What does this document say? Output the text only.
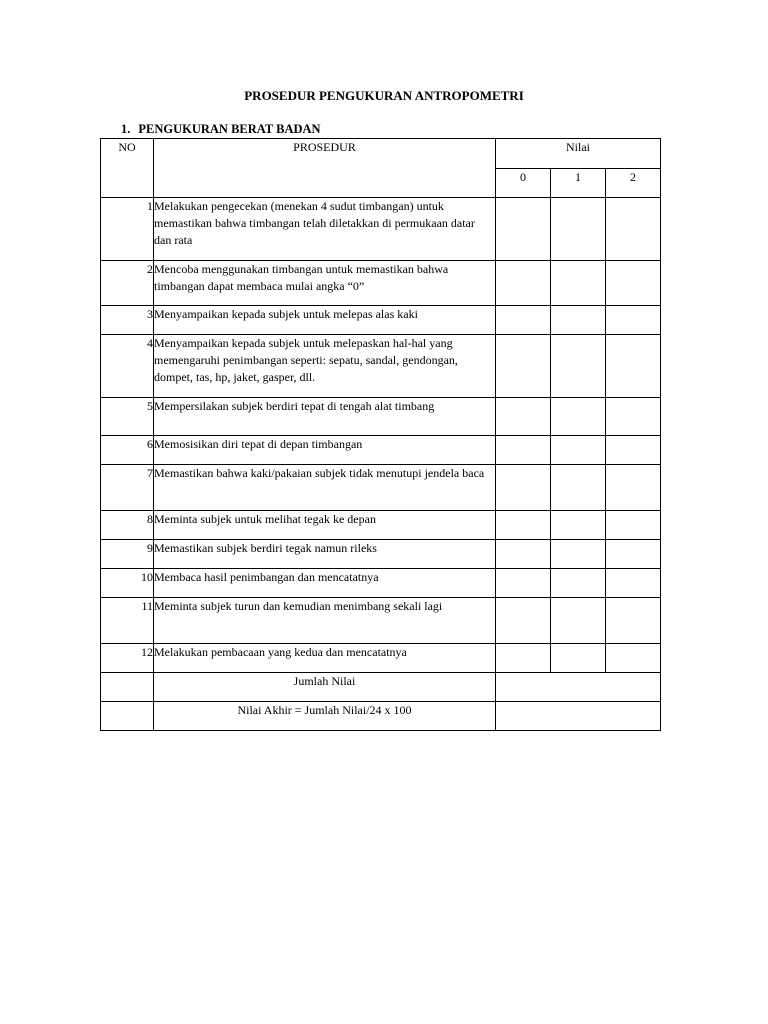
PROSEDUR PENGUKURAN ANTROPOMETRI
1. PENGUKURAN BERAT BADAN
NO	PROSEDUR	Nilai		
		0	1	2
1	Melakukan pengecekan (menekan 4 sudut timbangan) untuk memastikan bahwa timbangan telah diletakkan di permukaan datar dan rata			
2	Mencoba menggunakan timbangan untuk memastikan bahwa timbangan dapat membaca mulai angka “0”			
3	Menyampaikan kepada subjek untuk melepas alas kaki			
4	Menyampaikan kepada subjek untuk melepaskan hal-hal yang memengaruhi penimbangan seperti: sepatu, sandal, gendongan, dompet, tas, hp, jaket, gasper, dll.			
5	Mempersilakan subjek berdiri tepat di tengah alat timbang			
6	Memosisikan diri tepat di depan timbangan			
7	Memastikan bahwa kaki/pakaian subjek tidak menutupi jendela baca			
8	Meminta subjek untuk melihat tegak ke depan			
9	Memastikan subjek berdiri tegak namun rileks			
10	Membaca hasil penimbangan dan mencatatnya			
11	Meminta subjek turun dan kemudian menimbang sekali lagi			
12	Melakukan pembacaan yang kedua dan mencatatnya			
	Jumlah Nilai			
	Nilai Akhir = Jumlah Nilai/24 x 100			
